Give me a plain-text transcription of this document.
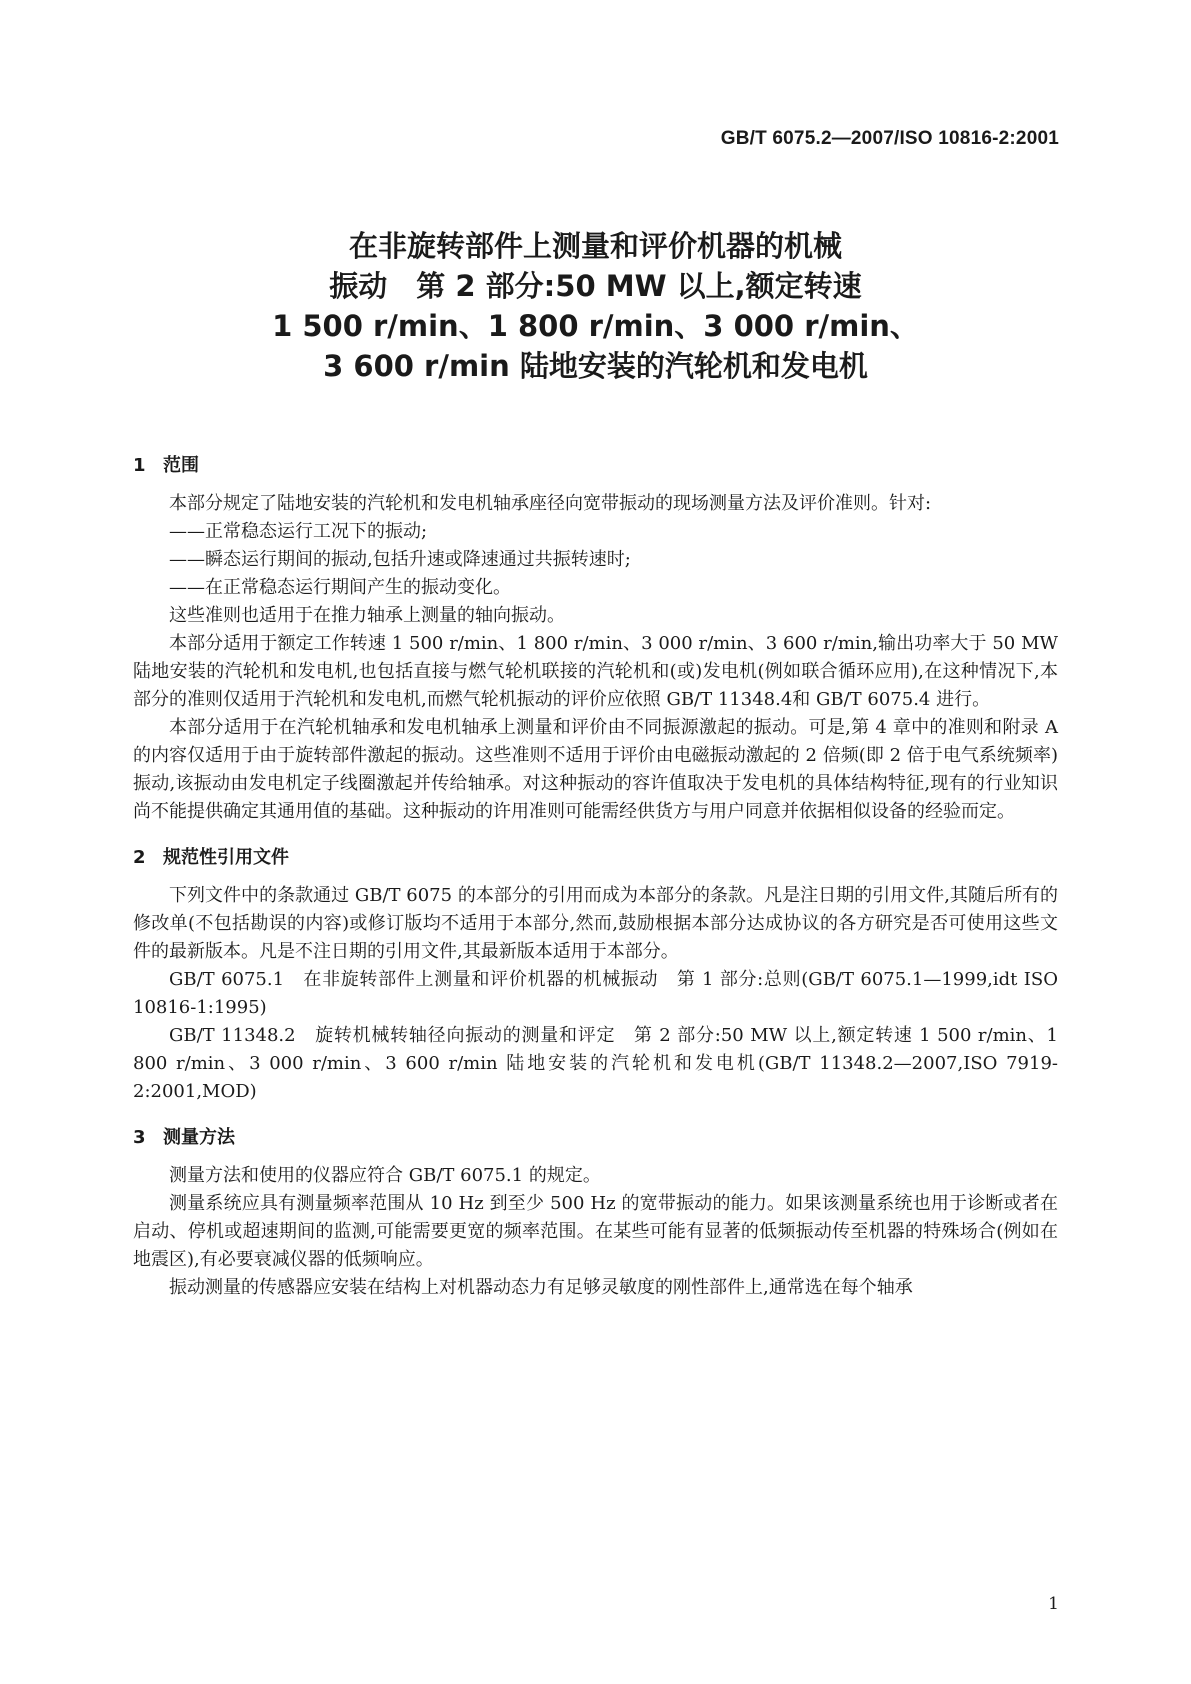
GB/T 6075.2—2007/ISO 10816-2:2001
在非旋转部件上测量和评价机器的机械
振动　第 2 部分:50 MW 以上,额定转速
1 500 r/min、1 800 r/min、3 000 r/min、
3 600 r/min 陆地安装的汽轮机和发电机
1 范围

本部分规定了陆地安装的汽轮机和发电机轴承座径向宽带振动的现场测量方法及评价准则。针对:

——正常稳态运行工况下的振动;
——瞬态运行期间的振动,包括升速或降速通过共振转速时;
——在正常稳态运行期间产生的振动变化。

这些准则也适用于在推力轴承上测量的轴向振动。

本部分适用于额定工作转速 1 500 r/min、1 800 r/min、3 000 r/min、3 600 r/min,输出功率大于 50 MW陆地安装的汽轮机和发电机,也包括直接与燃气轮机联接的汽轮机和(或)发电机(例如联合循环应用),在这种情况下,本部分的准则仅适用于汽轮机和发电机,而燃气轮机振动的评价应依照 GB/T 11348.4和 GB/T 6075.4 进行。

本部分适用于在汽轮机轴承和发电机轴承上测量和评价由不同振源激起的振动。可是,第 4 章中的准则和附录 A 的内容仅适用于由于旋转部件激起的振动。这些准则不适用于评价由电磁振动激起的 2 倍频(即 2 倍于电气系统频率)振动,该振动由发电机定子线圈激起并传给轴承。对这种振动的容许值取决于发电机的具体结构特征,现有的行业知识尚不能提供确定其通用值的基础。这种振动的许用准则可能需经供货方与用户同意并依据相似设备的经验而定。

2 规范性引用文件

下列文件中的条款通过 GB/T 6075 的本部分的引用而成为本部分的条款。凡是注日期的引用文件,其随后所有的修改单(不包括勘误的内容)或修订版均不适用于本部分,然而,鼓励根据本部分达成协议的各方研究是否可使用这些文件的最新版本。凡是不注日期的引用文件,其最新版本适用于本部分。

GB/T 6075.1　在非旋转部件上测量和评价机器的机械振动　第 1 部分:总则(GB/T 6075.1—1999,idt ISO 10816-1:1995)

GB/T 11348.2　旋转机械转轴径向振动的测量和评定　第 2 部分:50 MW 以上,额定转速 1 500 r/min、1 800 r/min、3 000 r/min、3 600 r/min 陆地安装的汽轮机和发电机(GB/T 11348.2—2007,ISO 7919-2:2001,MOD)

3 测量方法

测量方法和使用的仪器应符合 GB/T 6075.1 的规定。

测量系统应具有测量频率范围从 10 Hz 到至少 500 Hz 的宽带振动的能力。如果该测量系统也用于诊断或者在启动、停机或超速期间的监测,可能需要更宽的频率范围。在某些可能有显著的低频振动传至机器的特殊场合(例如在地震区),有必要衰减仪器的低频响应。

振动测量的传感器应安装在结构上对机器动态力有足够灵敏度的刚性部件上,通常选在每个轴承

1
